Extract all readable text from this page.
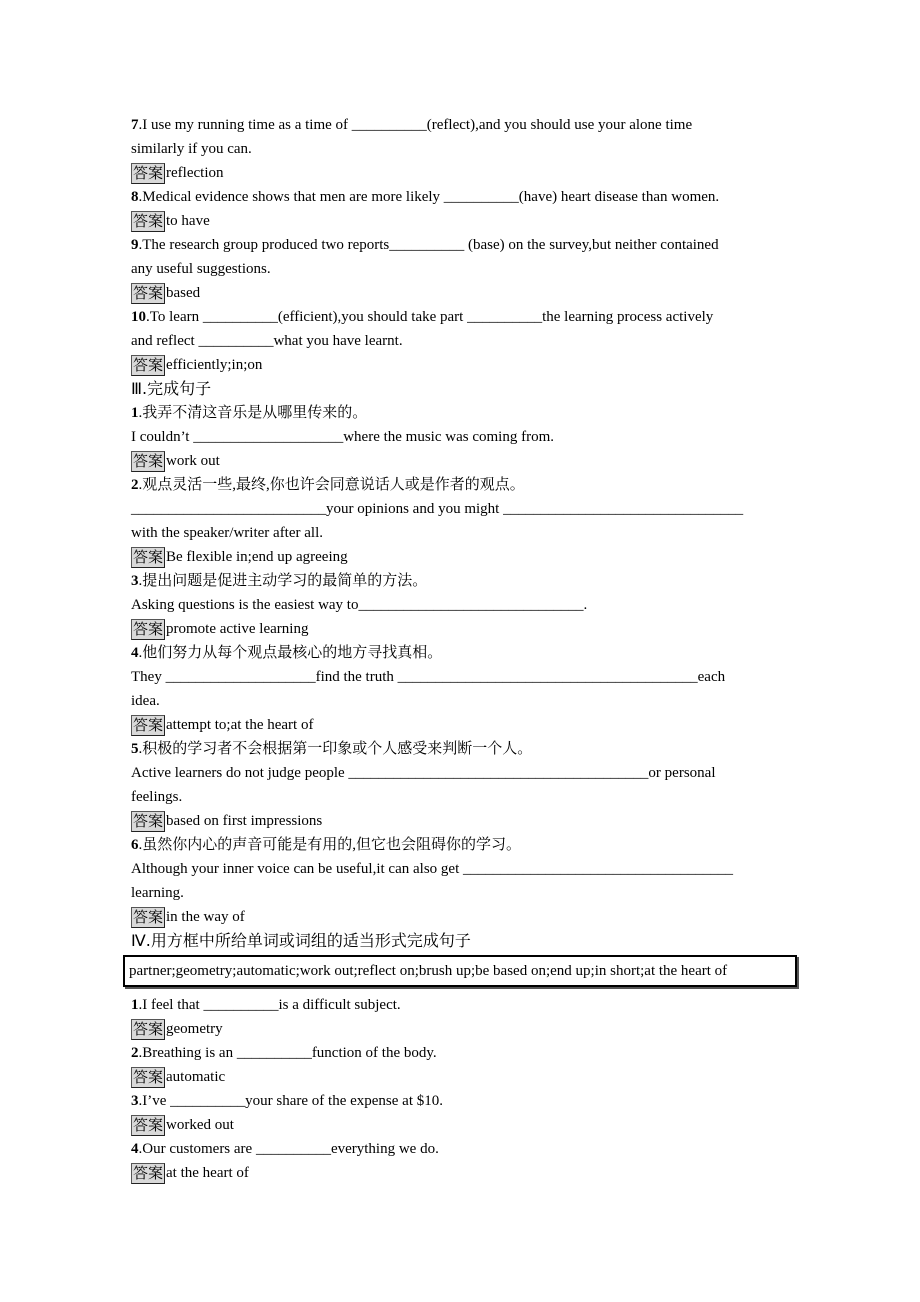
7.I use my running time as a time of __________(reflect),and you should use your alone time
similarly if you can.
答案 reflection
8.Medical evidence shows that men are more likely __________(have) heart disease than women.
答案 to have
9.The research group produced two reports__________ (base) on the survey,but neither contained
any useful suggestions.
答案 based
10.To learn __________(efficient),you should take part __________the learning process actively
and reflect __________what you have learnt.
答案 efficiently;in;on
Ⅲ.完成句子
1.我弄不清这音乐是从哪里传来的。
I couldn’t ____________________where the music was coming from.
答案 work out
2.观点灵活一些,最终,你也许会同意说话人或是作者的观点。
__________________________your opinions and you might ________________________________
with the speaker/writer after all.
答案 Be flexible in;end up agreeing
3.提出问题是促进主动学习的最简单的方法。
Asking questions is the easiest way to______________________________.
答案 promote active learning
4.他们努力从每个观点最核心的地方寻找真相。
They ____________________find the truth ________________________________________each
idea.
答案 attempt to;at the heart of
5.积极的学习者不会根据第一印象或个人感受来判断一个人。
Active learners do not judge people ________________________________________or personal
feelings.
答案 based on first impressions
6.虽然你内心的声音可能是有用的,但它也会阻碍你的学习。
Although your inner voice can be useful,it can also get ____________________________________
learning.
答案 in the way of
Ⅳ.用方框中所给单词或词组的适当形式完成句子
partner;geometry;automatic;work out;reflect on;brush up;be based on;end up;in short;at the heart of
1.I feel that __________is a difficult subject.
答案 geometry
2.Breathing is an __________function of the body.
答案 automatic
3.I’ve __________your share of the expense at $10.
答案 worked out
4.Our customers are __________everything we do.
答案 at the heart of
